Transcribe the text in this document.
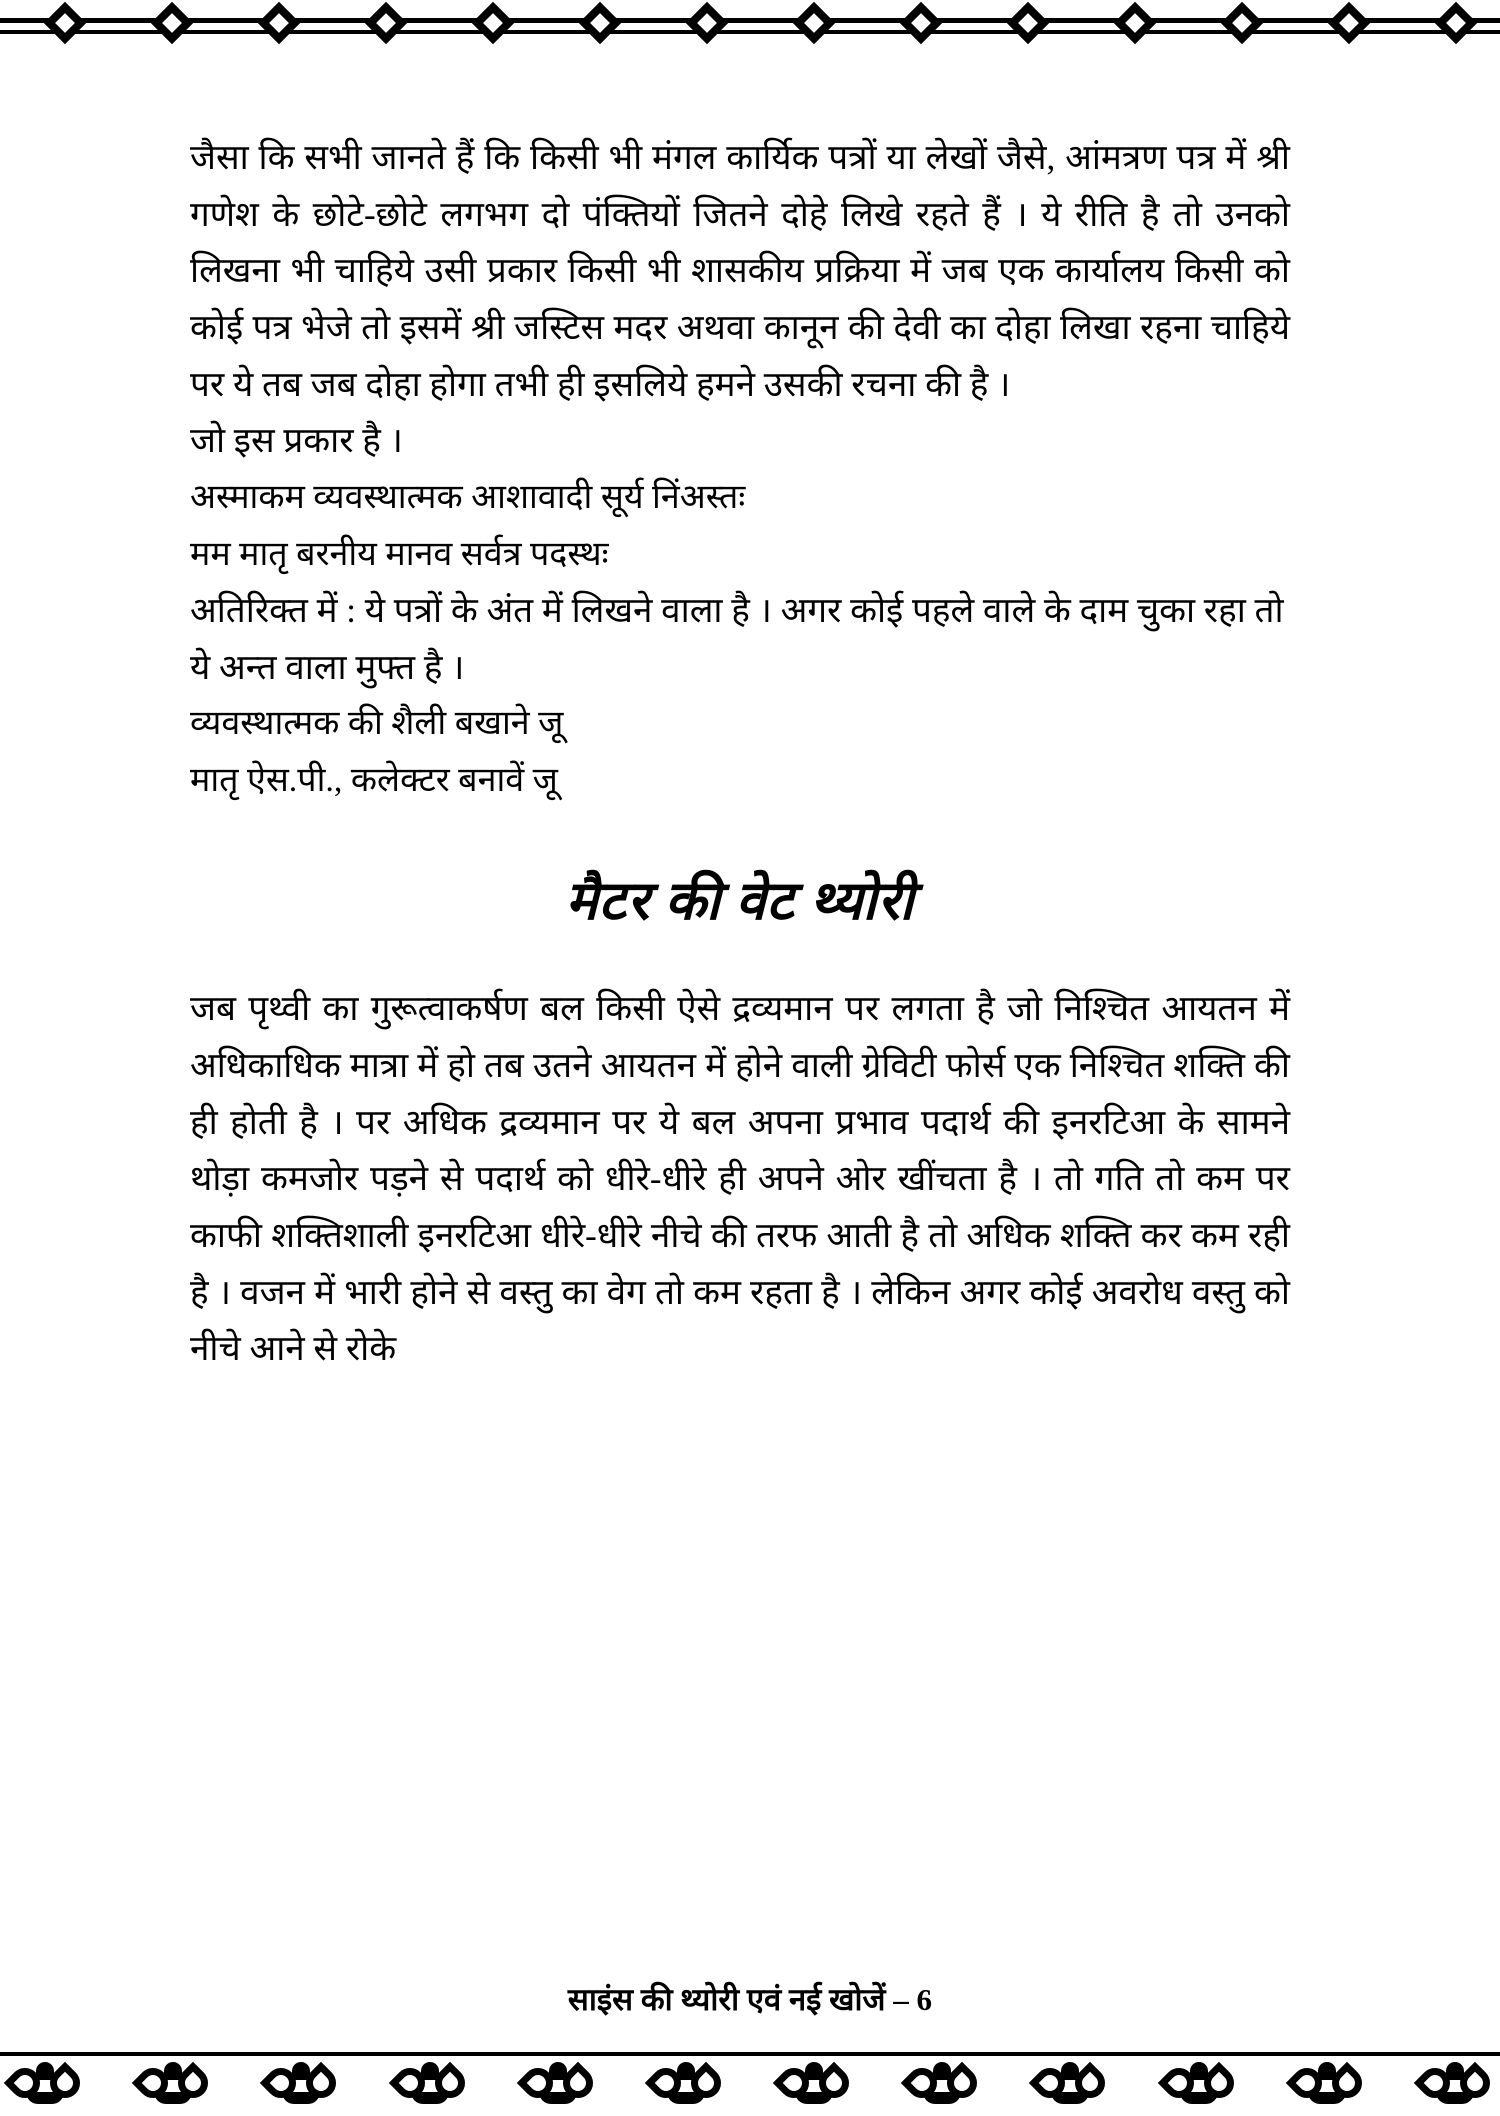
जैसा कि सभी जानते हैं कि किसी भी मंगल कार्यिक पत्रों या लेखों जैसे, आंमत्रण पत्र में श्री गणेश के छोटे-छोटे लगभग दो पंक्तियों जितने दोहे लिखे रहते हैं । ये रीति है तो उनको लिखना भी चाहिये उसी प्रकार किसी भी शासकीय प्रक्रिया में जब एक कार्यालय किसी को कोई पत्र भेजे तो इसमें श्री जस्टिस मदर अथवा कानून की देवी का दोहा लिखा रहना चाहिये पर ये तब जब दोहा होगा तभी ही इसलिये हमने उसकी रचना की है ।

जो इस प्रकार है ।

अस्माकम व्यवस्थात्मक आशावादी सूर्य निंअस्तः

मम मातृ बरनीय मानव सर्वत्र पदस्थः

अतिरिक्त में : ये पत्रों के अंत में लिखने वाला है । अगर कोई पहले वाले के दाम चुका रहा तो ये अन्त वाला मुफ्त है ।

व्यवस्थात्मक की शैली बखाने जू

मातृ ऐस.पी., कलेक्टर बनावें जू

मैटर की वेट थ्योरी

जब पृथ्वी का गुरूत्वाकर्षण बल किसी ऐसे द्रव्यमान पर लगता है जो निश्चित आयतन में अधिकाधिक मात्रा में हो तब उतने आयतन में होने वाली ग्रेविटी फोर्स एक निश्चित शक्ति की ही होती है । पर अधिक द्रव्यमान पर ये बल अपना प्रभाव पदार्थ की इनरटिआ के सामने थोड़ा कमजोर पड़ने से पदार्थ को धीरे-धीरे ही अपने ओर खींचता है । तो गति तो कम पर काफी शक्तिशाली इनरटिआ धीरे-धीरे नीचे की तरफ आती है तो अधिक शक्ति कर कम रही है । वजन में भारी होने से वस्तु का वेग तो कम रहता है । लेकिन अगर कोई अवरोध वस्तु को नीचे आने से रोके

साइंस की थ्योरी एवं नई खोजें – 6
